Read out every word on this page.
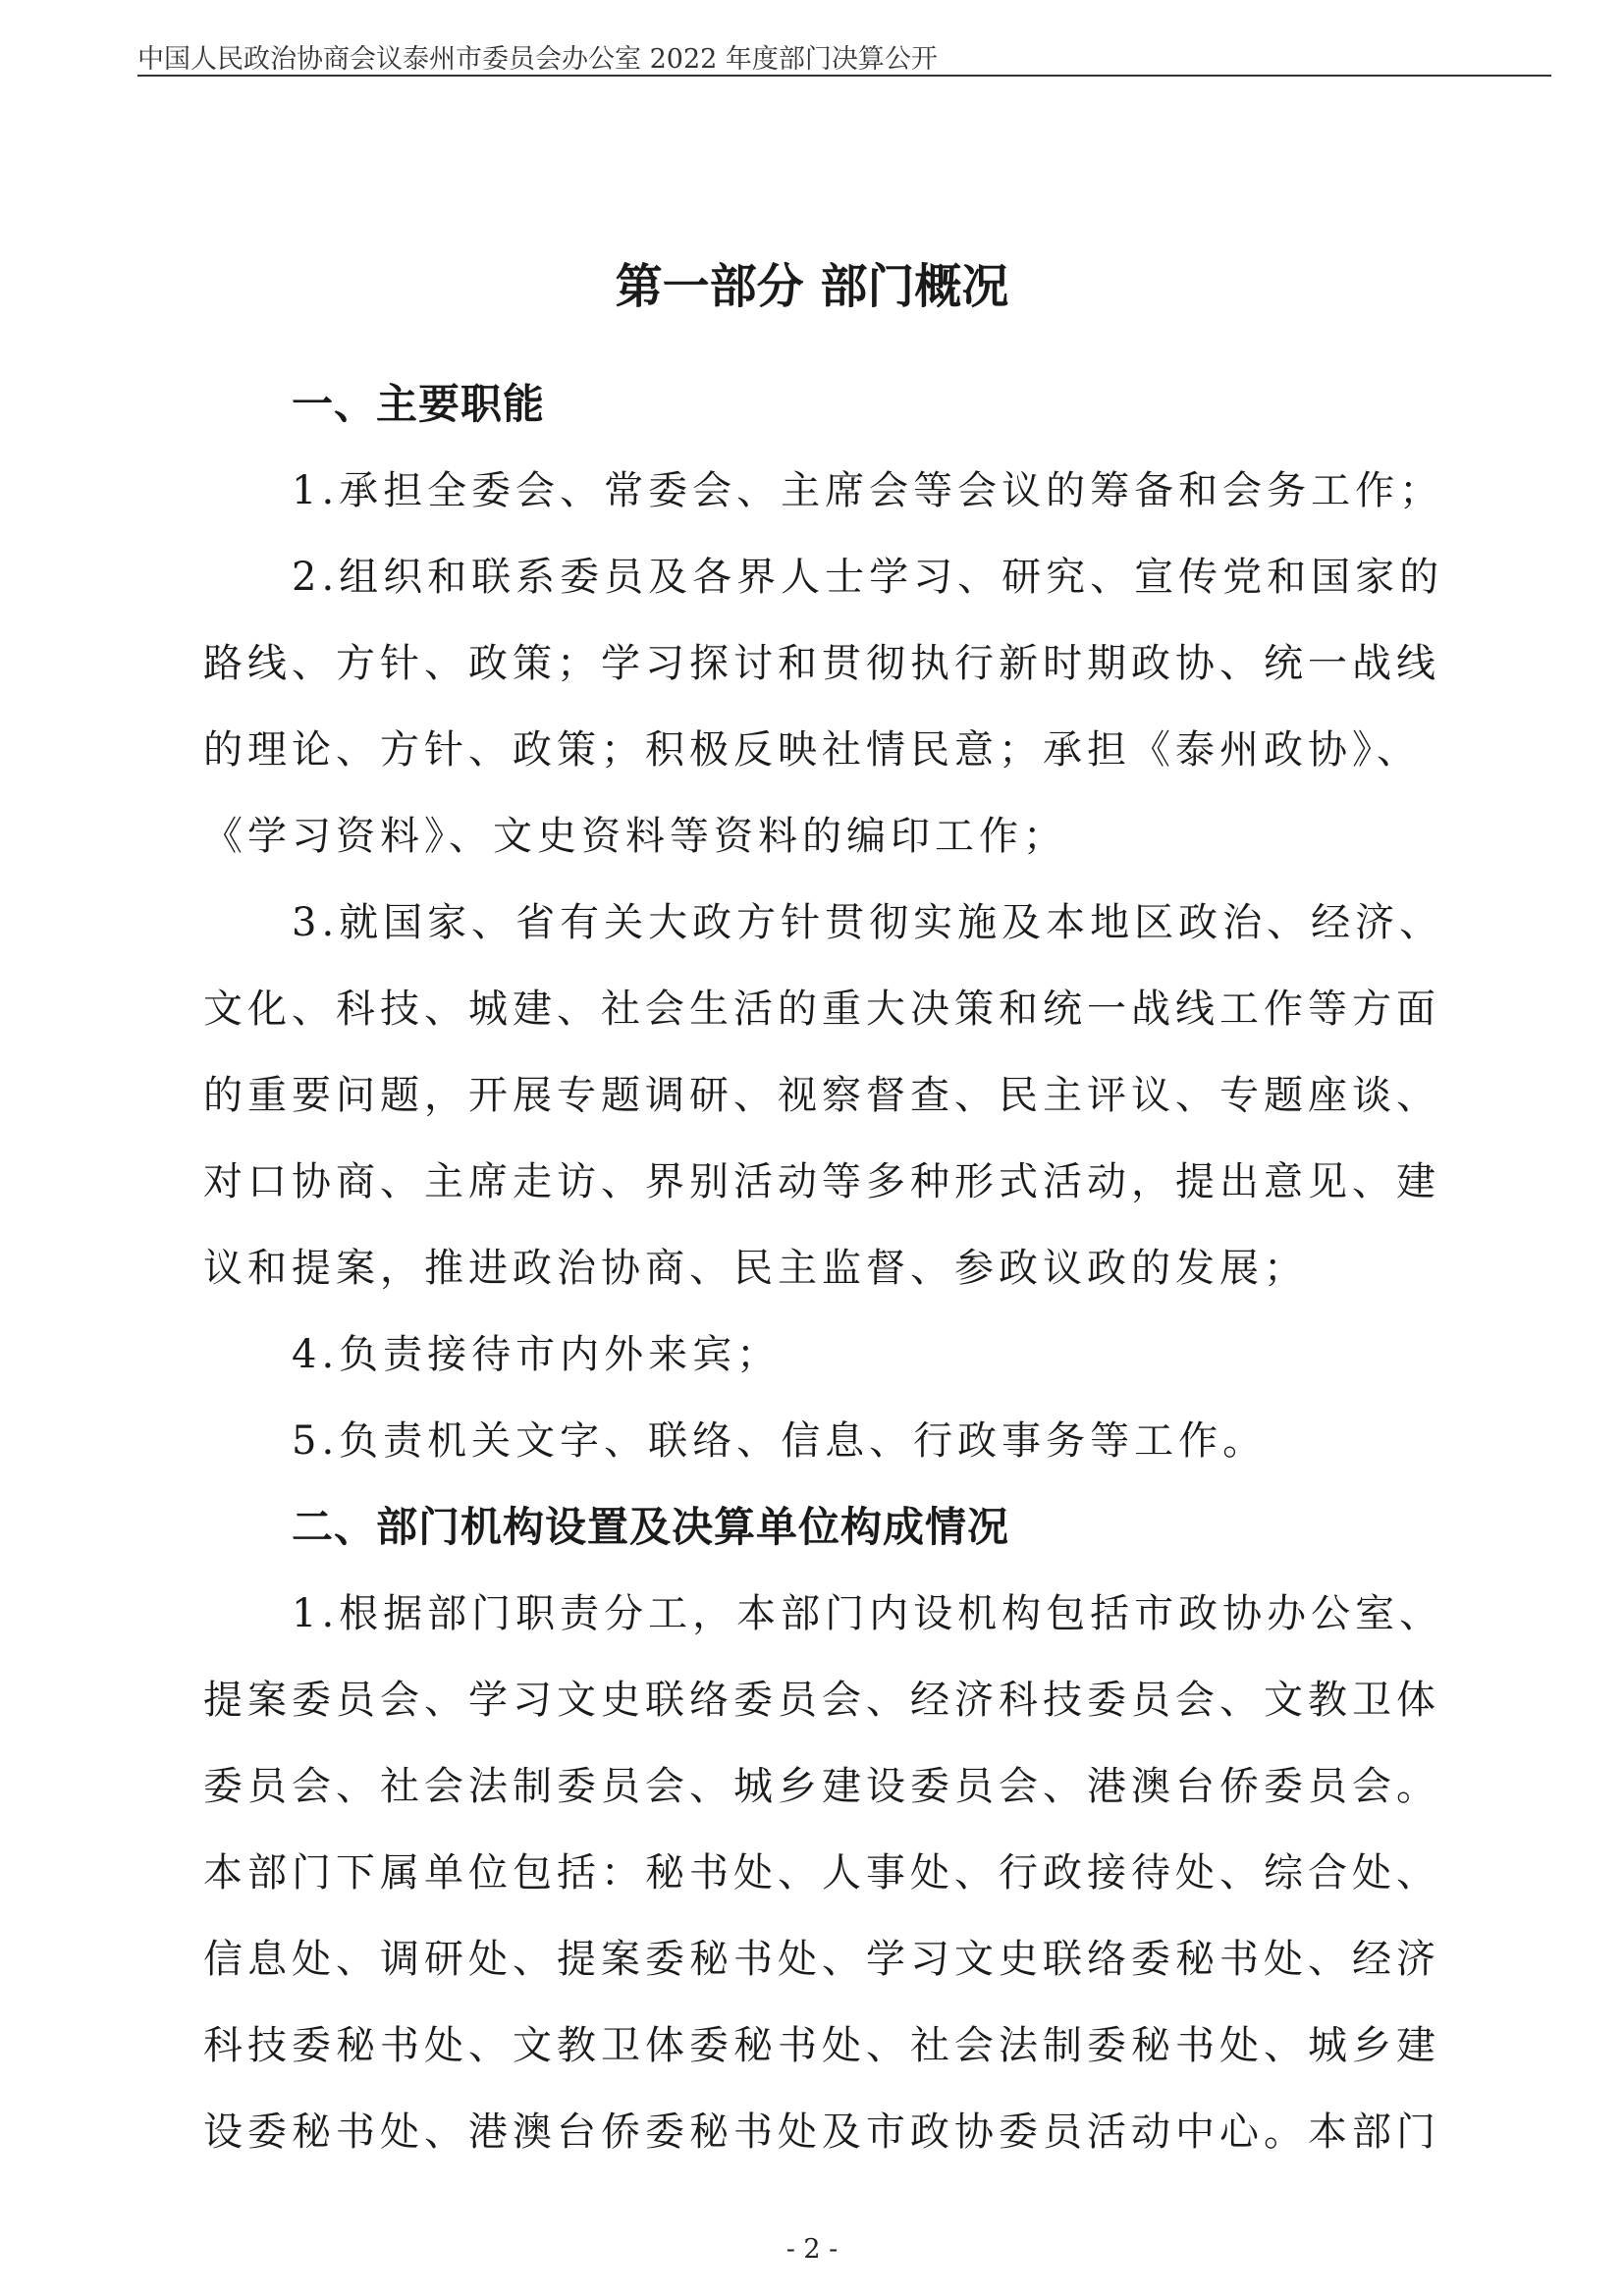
中国人民政治协商会议泰州市委员会办公室 2022 年度部门决算公开
第一部分 部门概况
一、主要职能

1.承担全委会、常委会、主席会等会议的筹备和会务工作；

2.组织和联系委员及各界人士学习、研究、宣传党和国家的

路线、方针、政策；学习探讨和贯彻执行新时期政协、统一战线

的理论、方针、政策；积极反映社情民意；承担《泰州政协》、

《学习资料》、文史资料等资料的编印工作；

3.就国家、省有关大政方针贯彻实施及本地区政治、经济、

文化、科技、城建、社会生活的重大决策和统一战线工作等方面

的重要问题，开展专题调研、视察督查、民主评议、专题座谈、

对口协商、主席走访、界别活动等多种形式活动，提出意见、建

议和提案，推进政治协商、民主监督、参政议政的发展；

4.负责接待市内外来宾；

5.负责机关文字、联络、信息、行政事务等工作。

二、部门机构设置及决算单位构成情况

1.根据部门职责分工，本部门内设机构包括市政协办公室、

提案委员会、学习文史联络委员会、经济科技委员会、文教卫体

委员会、社会法制委员会、城乡建设委员会、港澳台侨委员会。

本部门下属单位包括：秘书处、人事处、行政接待处、综合处、

信息处、调研处、提案委秘书处、学习文史联络委秘书处、经济

科技委秘书处、文教卫体委秘书处、社会法制委秘书处、城乡建

设委秘书处、港澳台侨委秘书处及市政协委员活动中心。本部门

- 2 -
